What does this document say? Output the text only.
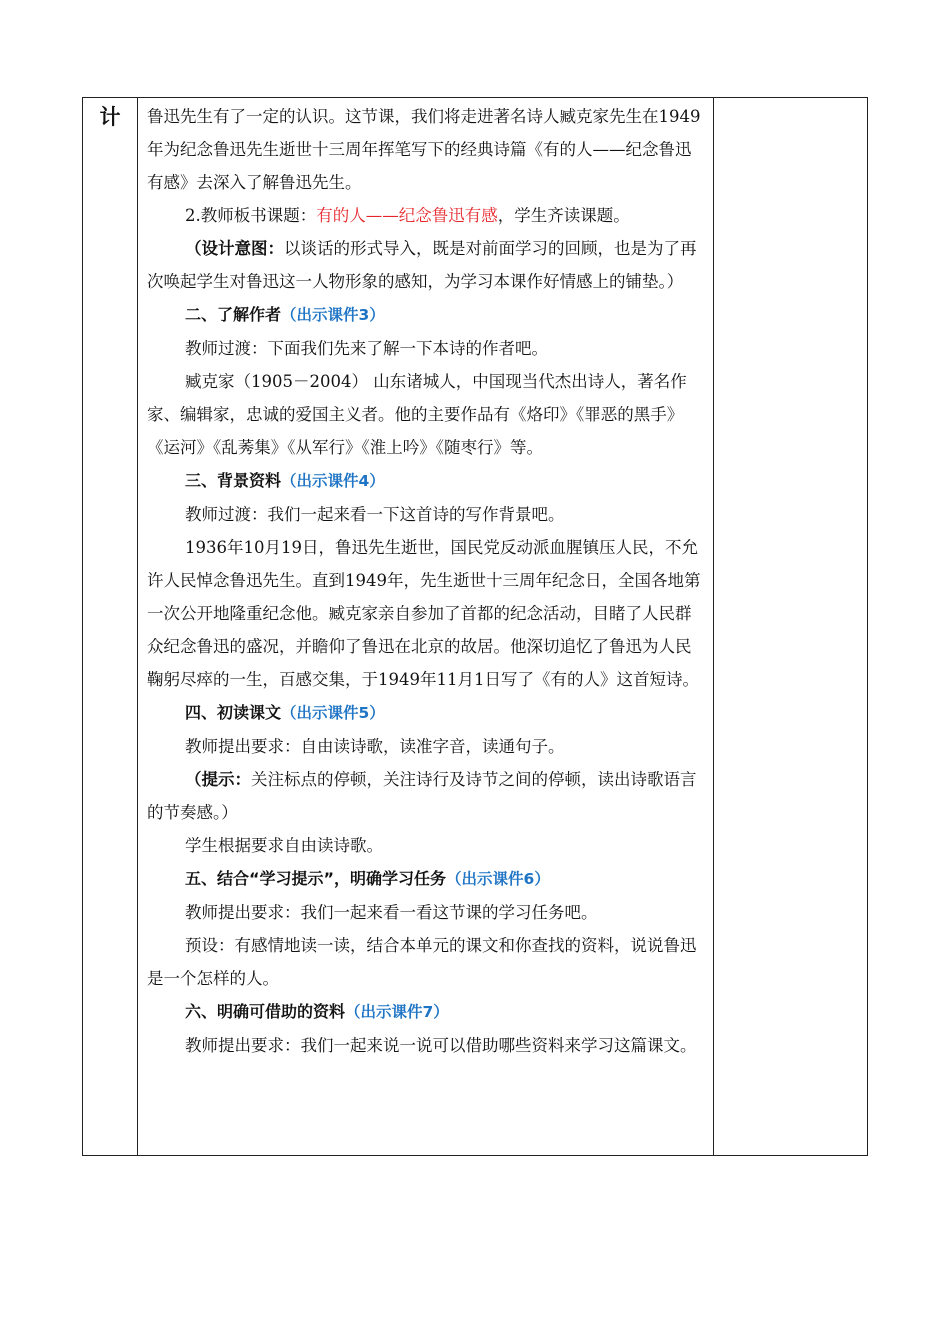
计	鲁迅先生有了一定的认识。这节课，我们将走进著名诗人臧克家先生在1949年为纪念鲁迅先生逝世十三周年挥笔写下的经典诗篇《有的人——纪念鲁迅有感》去深入了解鲁迅先生。

2.教师板书课题：有的人——纪念鲁迅有感，学生齐读课题。

（设计意图：以谈话的形式导入，既是对前面学习的回顾，也是为了再次唤起学生对鲁迅这一人物形象的感知，为学习本课作好情感上的铺垫。）

二、了解作者（出示课件3）

教师过渡：下面我们先来了解一下本诗的作者吧。

臧克家（1905－2004） 山东诸城人，中国现当代杰出诗人，著名作家、编辑家，忠诚的爱国主义者。他的主要作品有《烙印》《罪恶的黑手》《运河》《乱莠集》《从军行》《淮上吟》《随枣行》等。

三、背景资料（出示课件4）

教师过渡：我们一起来看一下这首诗的写作背景吧。

1936年10月19日，鲁迅先生逝世，国民党反动派血腥镇压人民，不允许人民悼念鲁迅先生。直到1949年，先生逝世十三周年纪念日，全国各地第一次公开地隆重纪念他。臧克家亲自参加了首都的纪念活动，目睹了人民群众纪念鲁迅的盛况，并瞻仰了鲁迅在北京的故居。他深切追忆了鲁迅为人民鞠躬尽瘁的一生，百感交集，于1949年11月1日写了《有的人》这首短诗。

四、初读课文（出示课件5）

教师提出要求：自由读诗歌，读准字音，读通句子。

（提示：关注标点的停顿，关注诗行及诗节之间的停顿，读出诗歌语言的节奏感。）

学生根据要求自由读诗歌。

五、结合“学习提示”，明确学习任务（出示课件6）

教师提出要求：我们一起来看一看这节课的学习任务吧。

预设：有感情地读一读，结合本单元的课文和你查找的资料，说说鲁迅是一个怎样的人。

六、明确可借助的资料（出示课件7）

教师提出要求：我们一起来说一说可以借助哪些资料来学习这篇课文。
